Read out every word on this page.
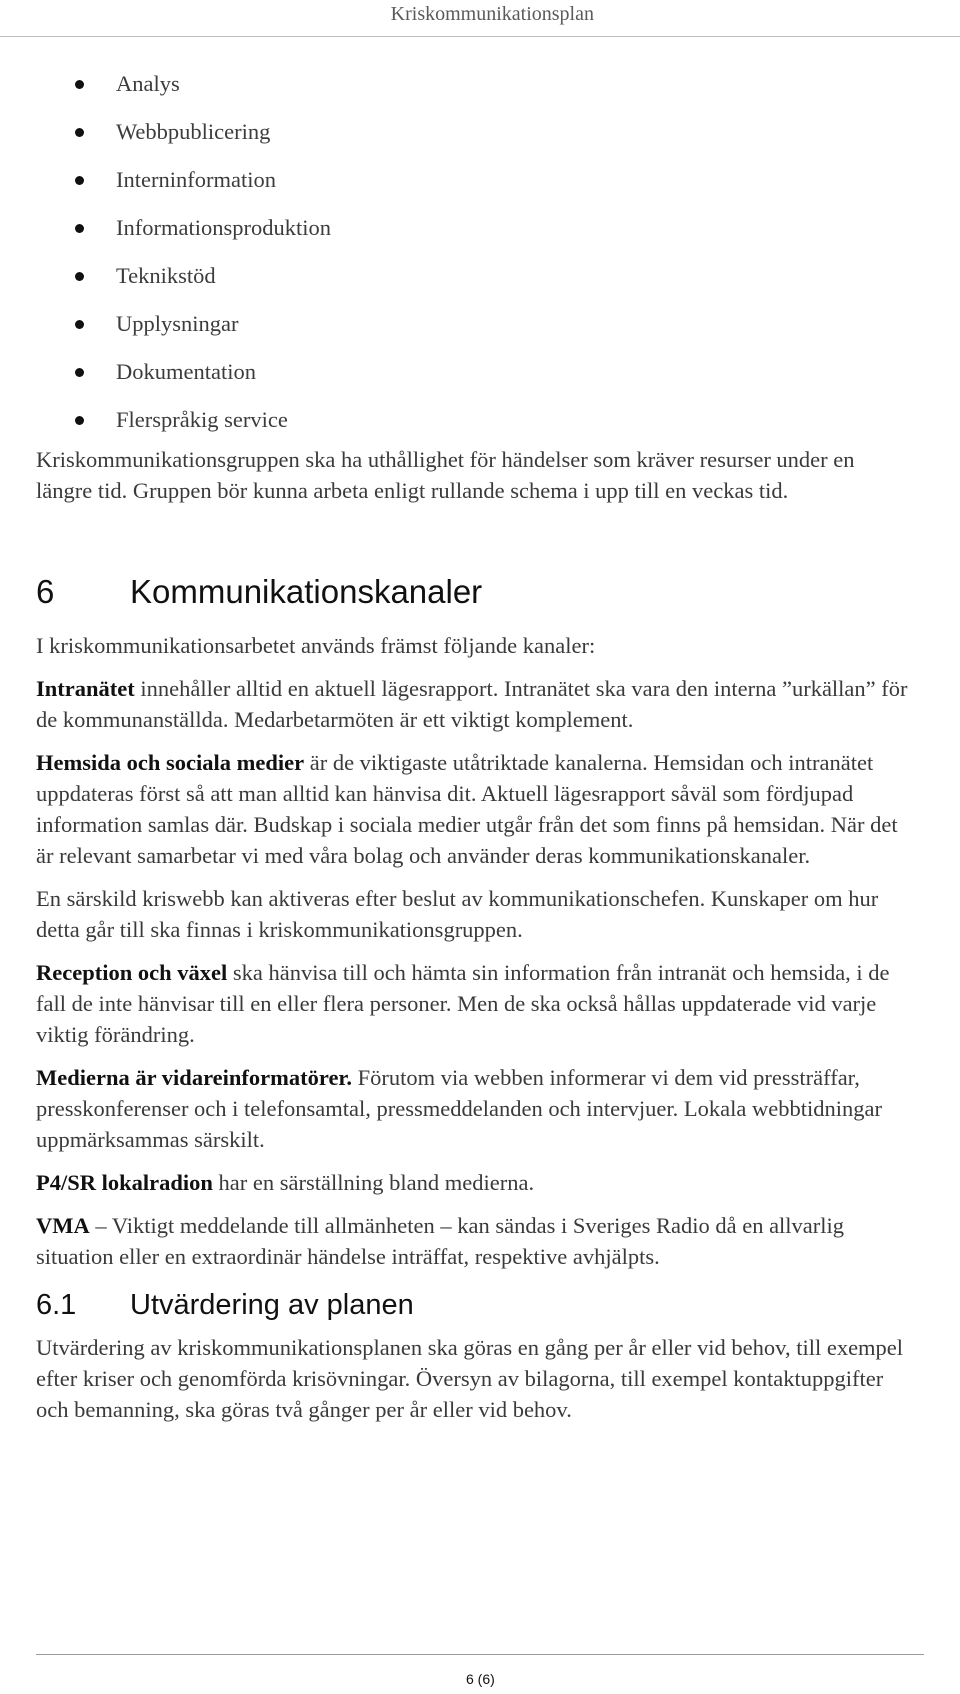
Kriskommunikationsplan
Analys
Webbpublicering
Interninformation
Informationsproduktion
Teknikstöd
Upplysningar
Dokumentation
Flerspråkig service

Kriskommunikationsgruppen ska ha uthållighet för händelser som kräver resurser under en längre tid. Gruppen bör kunna arbeta enligt rullande schema i upp till en veckas tid.

6 Kommunikationskanaler

I kriskommunikationsarbetet används främst följande kanaler:

Intranätet innehåller alltid en aktuell lägesrapport. Intranätet ska vara den interna ”urkällan” för de kommunanställda. Medarbetarmöten är ett viktigt komplement.

Hemsida och sociala medier är de viktigaste utåtriktade kanalerna. Hemsidan och intranätet uppdateras först så att man alltid kan hänvisa dit. Aktuell lägesrapport såväl som fördjupad information samlas där. Budskap i sociala medier utgår från det som finns på hemsidan. När det är relevant samarbetar vi med våra bolag och använder deras kommunikationskanaler.

En särskild kriswebb kan aktiveras efter beslut av kommunikationschefen. Kunskaper om hur detta går till ska finnas i kriskommunikationsgruppen.

Reception och växel ska hänvisa till och hämta sin information från intranät och hemsida, i de fall de inte hänvisar till en eller flera personer. Men de ska också hållas uppdaterade vid varje viktig förändring.

Medierna är vidareinformatörer. Förutom via webben informerar vi dem vid pressträffar, presskonferenser och i telefonsamtal, pressmeddelanden och intervjuer. Lokala webbtidningar uppmärksammas särskilt.

P4/SR lokalradion har en särställning bland medierna.

VMA – Viktigt meddelande till allmänheten – kan sändas i Sveriges Radio då en allvarlig situation eller en extraordinär händelse inträffat, respektive avhjälpts.

6.1 Utvärdering av planen

Utvärdering av kriskommunikationsplanen ska göras en gång per år eller vid behov, till exempel efter kriser och genomförda krisövningar. Översyn av bilagorna, till exempel kontaktuppgifter och bemanning, ska göras två gånger per år eller vid behov.

6 (6)
